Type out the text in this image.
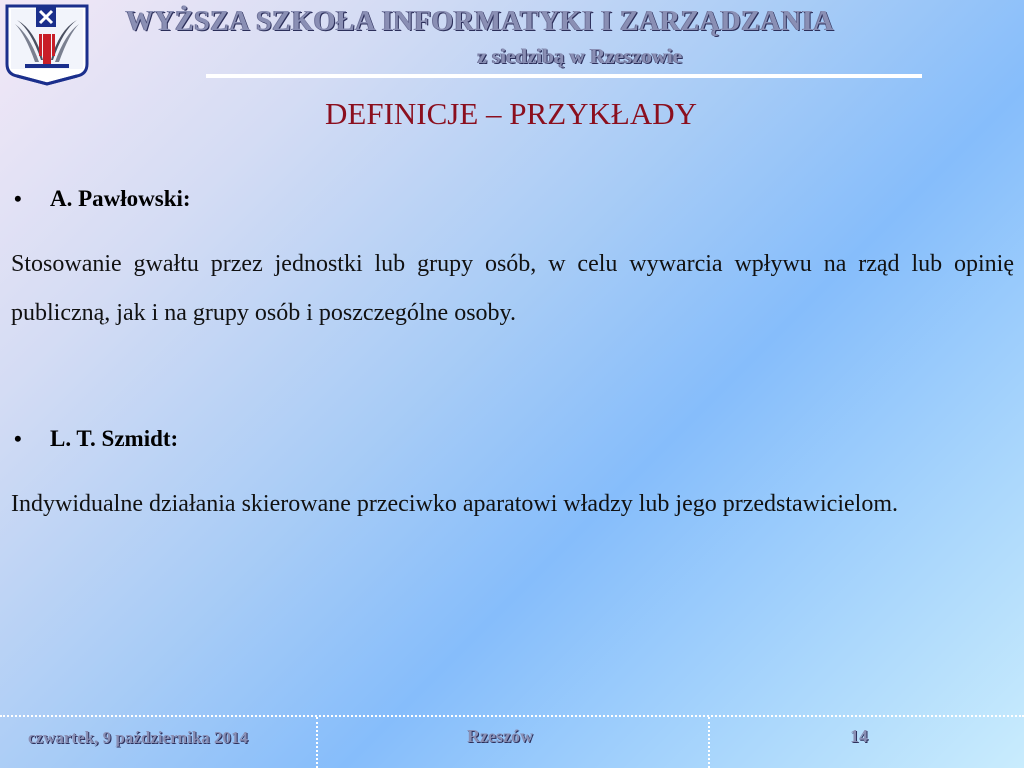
WYŻSZA SZKOŁA INFORMATYKI I ZARZĄDZANIA
z siedzibą w Rzeszowie
DEFINICJE – PRZYKŁADY
• A. Pawłowski:
Stosowanie gwałtu przez jednostki lub grupy osób, w celu wywarcia wpływu na rząd lub opinię publiczną, jak i na grupy osób i poszczególne osoby.
• L. T. Szmidt:
Indywidualne działania skierowane przeciwko aparatowi władzy lub jego przedstawicielom.
czwartek, 9 października 2014	Rzeszów	14
